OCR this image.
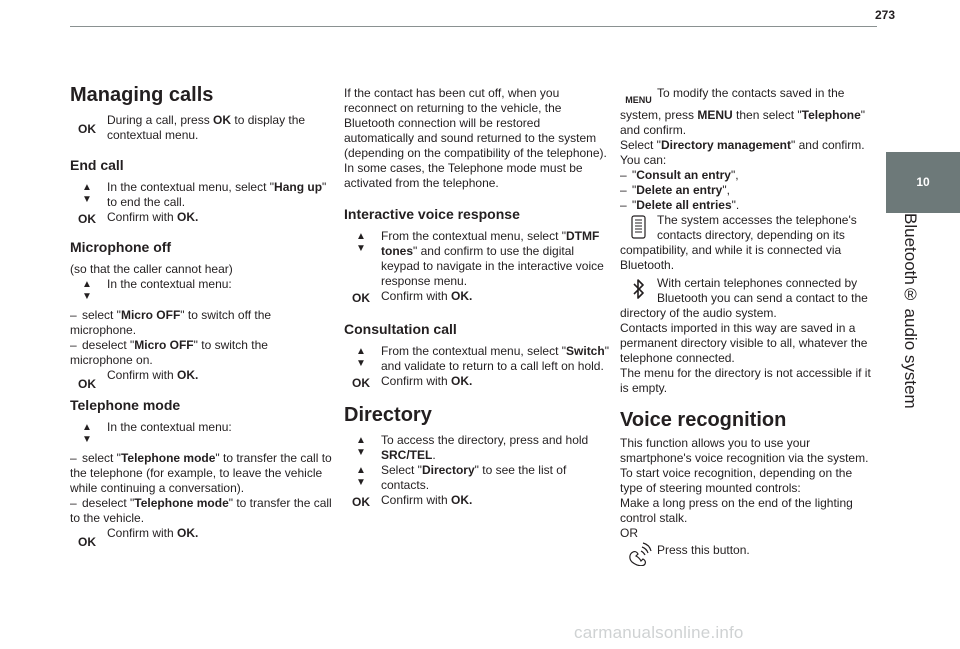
273
10
Bluetooth® audio system
Managing calls
OK

During a call, press OK to display the contextual menu.

End call
▲
▼

In the contextual menu, select "Hang up" to end the call.

OK Confirm with OK.

Microphone off

(so that the caller cannot hear)

▲
▼

In the contextual menu:

– select "Micro OFF" to switch off the microphone.

– deselect "Micro OFF" to switch the microphone on.

OK

Confirm with OK.

Telephone mode
▲
▼

In the contextual menu:

– select "Telephone mode" to transfer the call to the telephone (for example, to leave the vehicle while continuing a conversation).

– deselect "Telephone mode" to transfer the call to the vehicle.

OK

Confirm with OK.

If the contact has been cut off, when you reconnect on returning to the vehicle, the Bluetooth connection will be restored automatically and sound returned to the system (depending on the compatibility of the telephone).

In some cases, the Telephone mode must be activated from the telephone.

Interactive voice response
▲
▼

From the contextual menu, select "DTMF tones" and confirm to use the digital keypad to navigate in the interactive voice response menu.

OK Confirm with OK.

Consultation call
▲
▼

From the contextual menu, select "Switch" and validate to return to a call left on hold.

OK Confirm with OK.

Directory
▲
▼

To access the directory, press and hold SRC/TEL.

▲
▼

Select "Directory" to see the list of contacts.

OK Confirm with OK.

MENU To modify the contacts saved in the system, press MENU then select "Telephone" and confirm.

Select "Directory management" and confirm.

You can:

– "Consult an entry",

– "Delete an entry",

– "Delete all entries".

The system accesses the telephone's contacts directory, depending on its compatibility, and while it is connected via Bluetooth.

With certain telephones connected by Bluetooth you can send a contact to the directory of the audio system.

Contacts imported in this way are saved in a permanent directory visible to all, whatever the telephone connected.

The menu for the directory is not accessible if it is empty.

Voice recognition

This function allows you to use your smartphone's voice recognition via the system.

To start voice recognition, depending on the type of steering mounted controls:

Make a long press on the end of the lighting control stalk.

OR

Press this button.

carmanualsonline.info
